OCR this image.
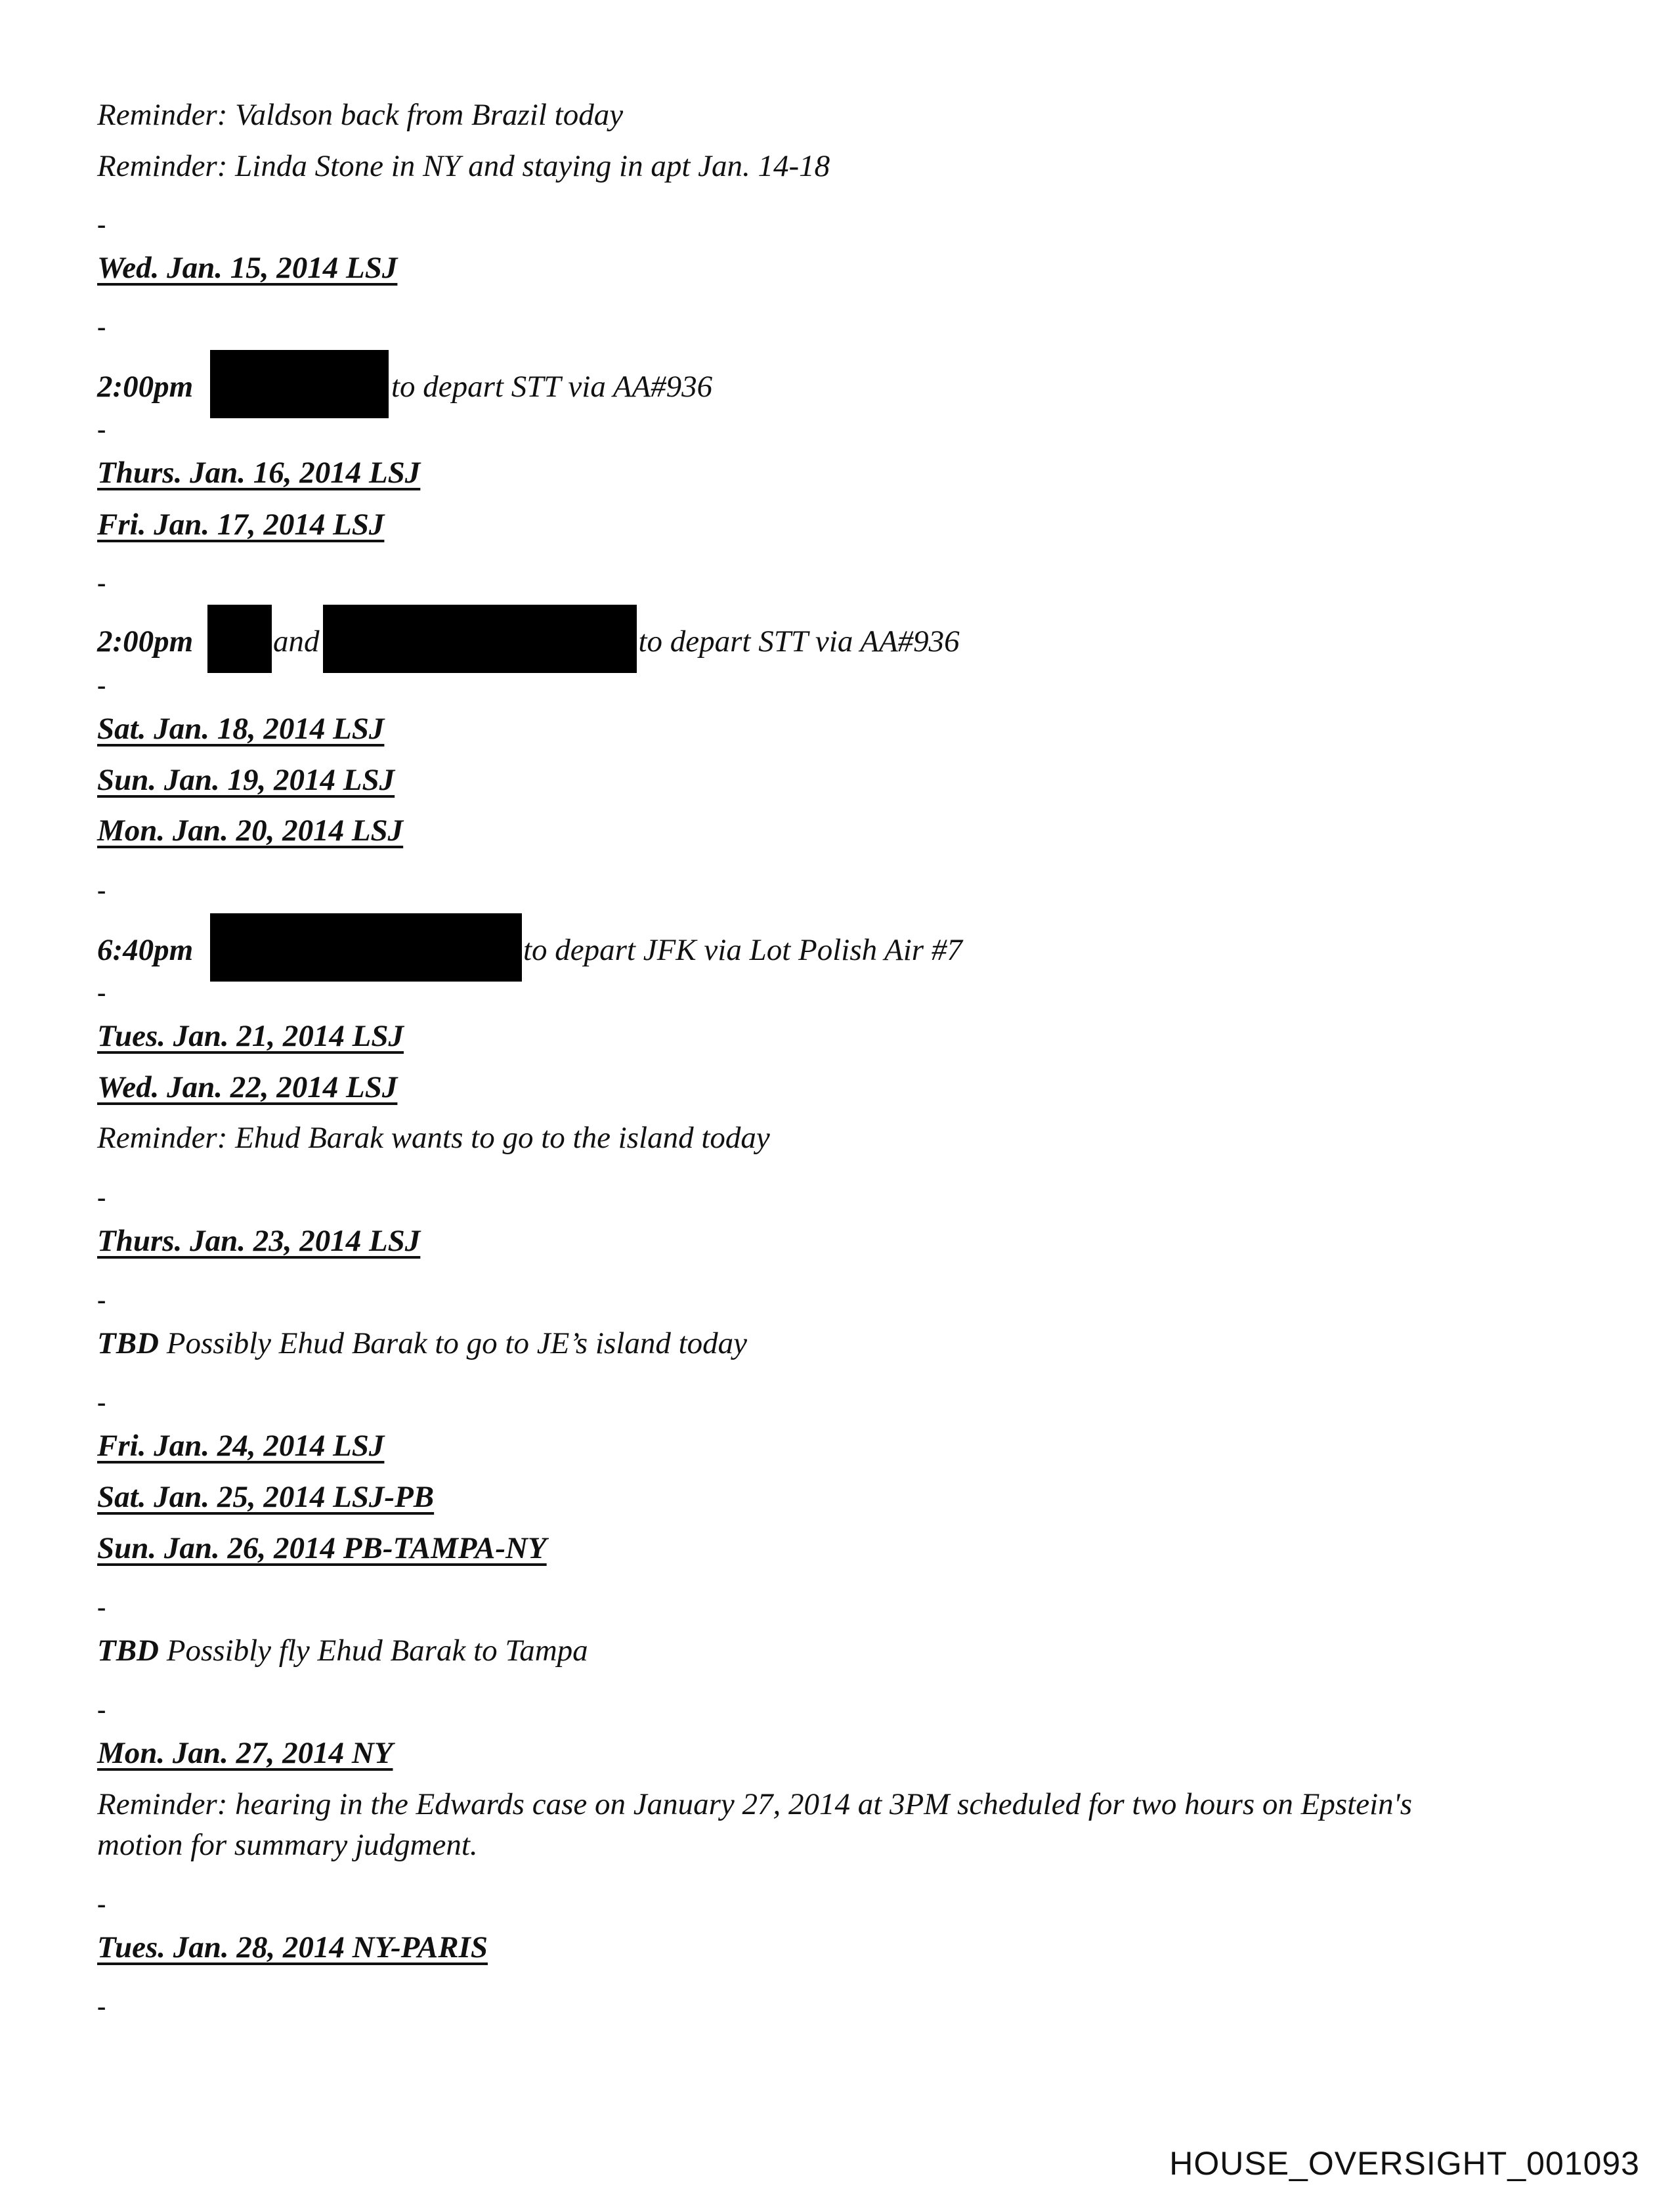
Reminder: Valdson back from Brazil today
Reminder: Linda Stone in NY and staying in apt Jan. 14-18
-
Wed. Jan. 15, 2014 LSJ
-
2:00pm	to depart STT via AA#936
-
Thurs. Jan. 16, 2014 LSJ
Fri. Jan. 17, 2014 LSJ
-
2:00pm	and	to depart STT via AA#936
-
Sat. Jan. 18, 2014 LSJ
Sun. Jan. 19, 2014 LSJ
Mon. Jan. 20, 2014 LSJ
-
6:40pm	to depart JFK via Lot Polish Air #7
-
Tues. Jan. 21, 2014 LSJ
Wed. Jan. 22, 2014 LSJ
Reminder: Ehud Barak wants to go to the island today
-
Thurs. Jan. 23, 2014 LSJ
-
TBD Possibly Ehud Barak to go to JE’s island today
-
Fri. Jan. 24, 2014 LSJ
Sat. Jan. 25, 2014 LSJ-PB
Sun. Jan. 26, 2014 PB-TAMPA-NY
-
TBD Possibly fly Ehud Barak to Tampa
-
Mon. Jan. 27, 2014 NY
Reminder: hearing in the Edwards case on January 27, 2014 at 3PM scheduled for two hours on Epstein's
motion for summary judgment.
-
Tues. Jan. 28, 2014 NY-PARIS
-
HOUSE_OVERSIGHT_001093
